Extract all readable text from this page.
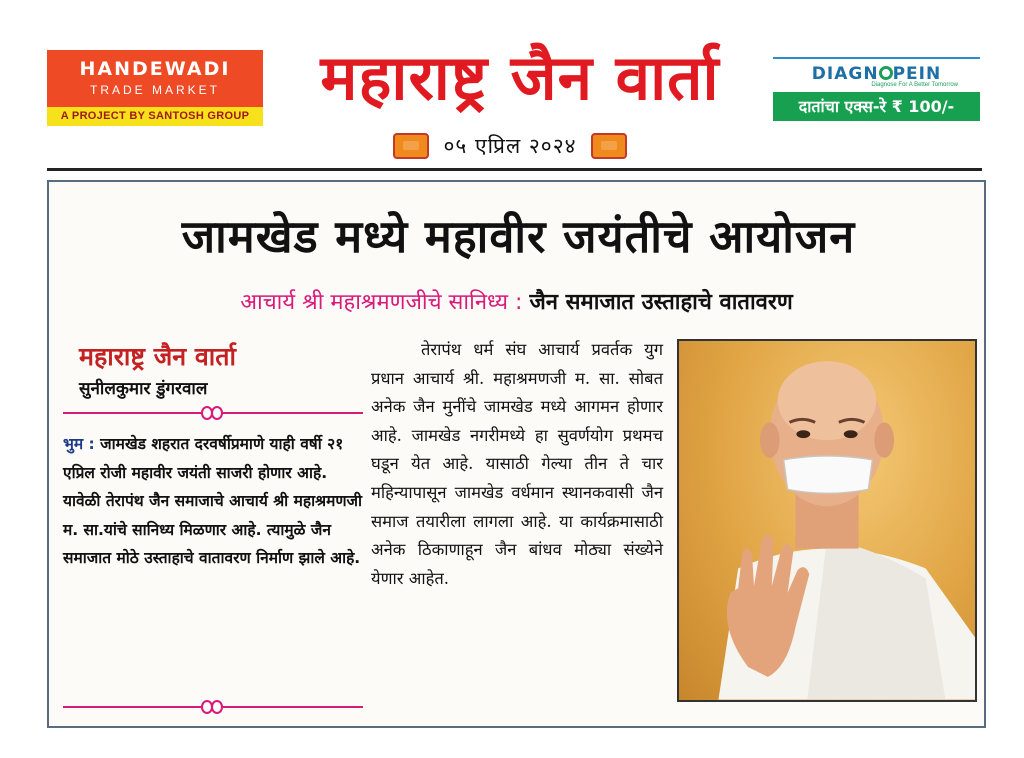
HANDEWADI
TRADE MARKET
A PROJECT BY SANTOSH GROUP
महाराष्ट्र जैन वार्ता
०५ एप्रिल २०२४
DIAGN PEIN
Diagnose For A Better Tomorrow
दातांचा एक्स-रे ₹ 100/-
जामखेड मध्ये महावीर जयंतीचे आयोजन
आचार्य श्री महाश्रमणजीचे सानिध्य : जैन समाजात उस्ताहाचे वातावरण
महाराष्ट्र जैन वार्ता
सुनीलकुमार डुंगरवाल
भुम : जामखेड शहरात दरवर्षीप्रमाणे याही वर्षी २१ एप्रिल रोजी महावीर जयंती साजरी होणार आहे. यावेळी तेरापंथ जैन समाजाचे आचार्य श्री महाश्रमणजी म. सा.यांचे सानिध्य मिळणार आहे. त्यामुळे जैन समाजात मोठे उस्ताहाचे वातावरण निर्माण झाले आहे.
तेरापंथ धर्म संघ आचार्य प्रवर्तक युग प्रधान आचार्य श्री. महाश्रमणजी म. सा. सोबत अनेक जैन मुनींचे जामखेड मध्ये आगमन होणार आहे. जामखेड नगरीमध्ये हा सुवर्णयोग प्रथमच घडून येत आहे. यासाठी गेल्या तीन ते चार महिन्यापासून जामखेड वर्धमान स्थानकवासी जैन समाज तयारीला लागला आहे. या कार्यक्रमासाठी अनेक ठिकाणाहून जैन बांधव मोठ्या संख्येने येणार आहेत.
